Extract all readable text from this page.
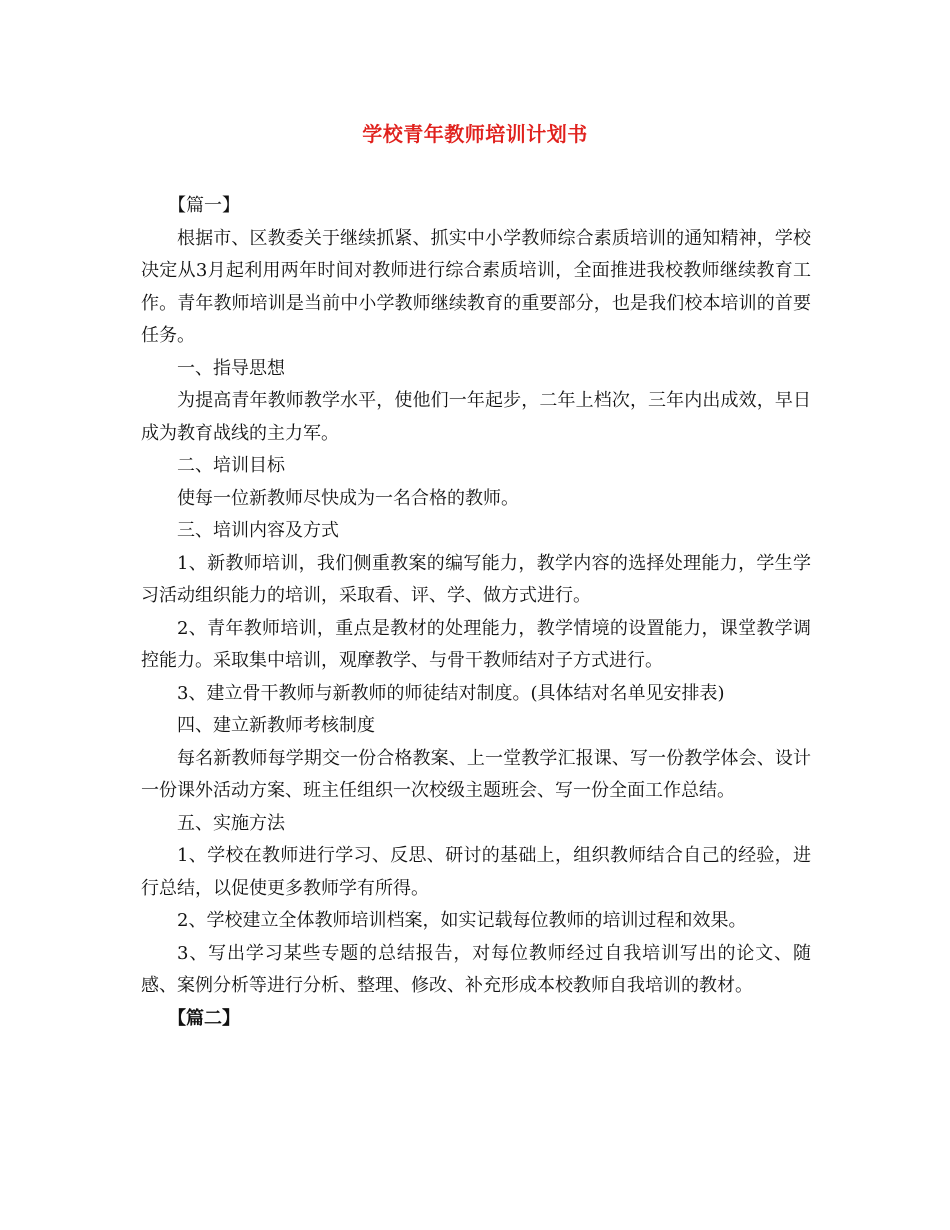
学校青年教师培训计划书

【篇一】

根据市、区教委关于继续抓紧、抓实中小学教师综合素质培训的通知精神，学校决定从3月起利用两年时间对教师进行综合素质培训，全面推进我校教师继续教育工作。青年教师培训是当前中小学教师继续教育的重要部分，也是我们校本培训的首要任务。

一、指导思想

为提高青年教师教学水平，使他们一年起步，二年上档次，三年内出成效，早日成为教育战线的主力军。

二、培训目标

使每一位新教师尽快成为一名合格的教师。

三、培训内容及方式

1、新教师培训，我们侧重教案的编写能力，教学内容的选择处理能力，学生学习活动组织能力的培训，采取看、评、学、做方式进行。

2、青年教师培训，重点是教材的处理能力，教学情境的设置能力，课堂教学调控能力。采取集中培训，观摩教学、与骨干教师结对子方式进行。

3、建立骨干教师与新教师的师徒结对制度。(具体结对名单见安排表)

四、建立新教师考核制度

每名新教师每学期交一份合格教案、上一堂教学汇报课、写一份教学体会、设计一份课外活动方案、班主任组织一次校级主题班会、写一份全面工作总结。

五、实施方法

1、学校在教师进行学习、反思、研讨的基础上，组织教师结合自己的经验，进行总结，以促使更多教师学有所得。

2、学校建立全体教师培训档案，如实记载每位教师的培训过程和效果。

3、写出学习某些专题的总结报告，对每位教师经过自我培训写出的论文、随感、案例分析等进行分析、整理、修改、补充形成本校教师自我培训的教材。

【篇二】
